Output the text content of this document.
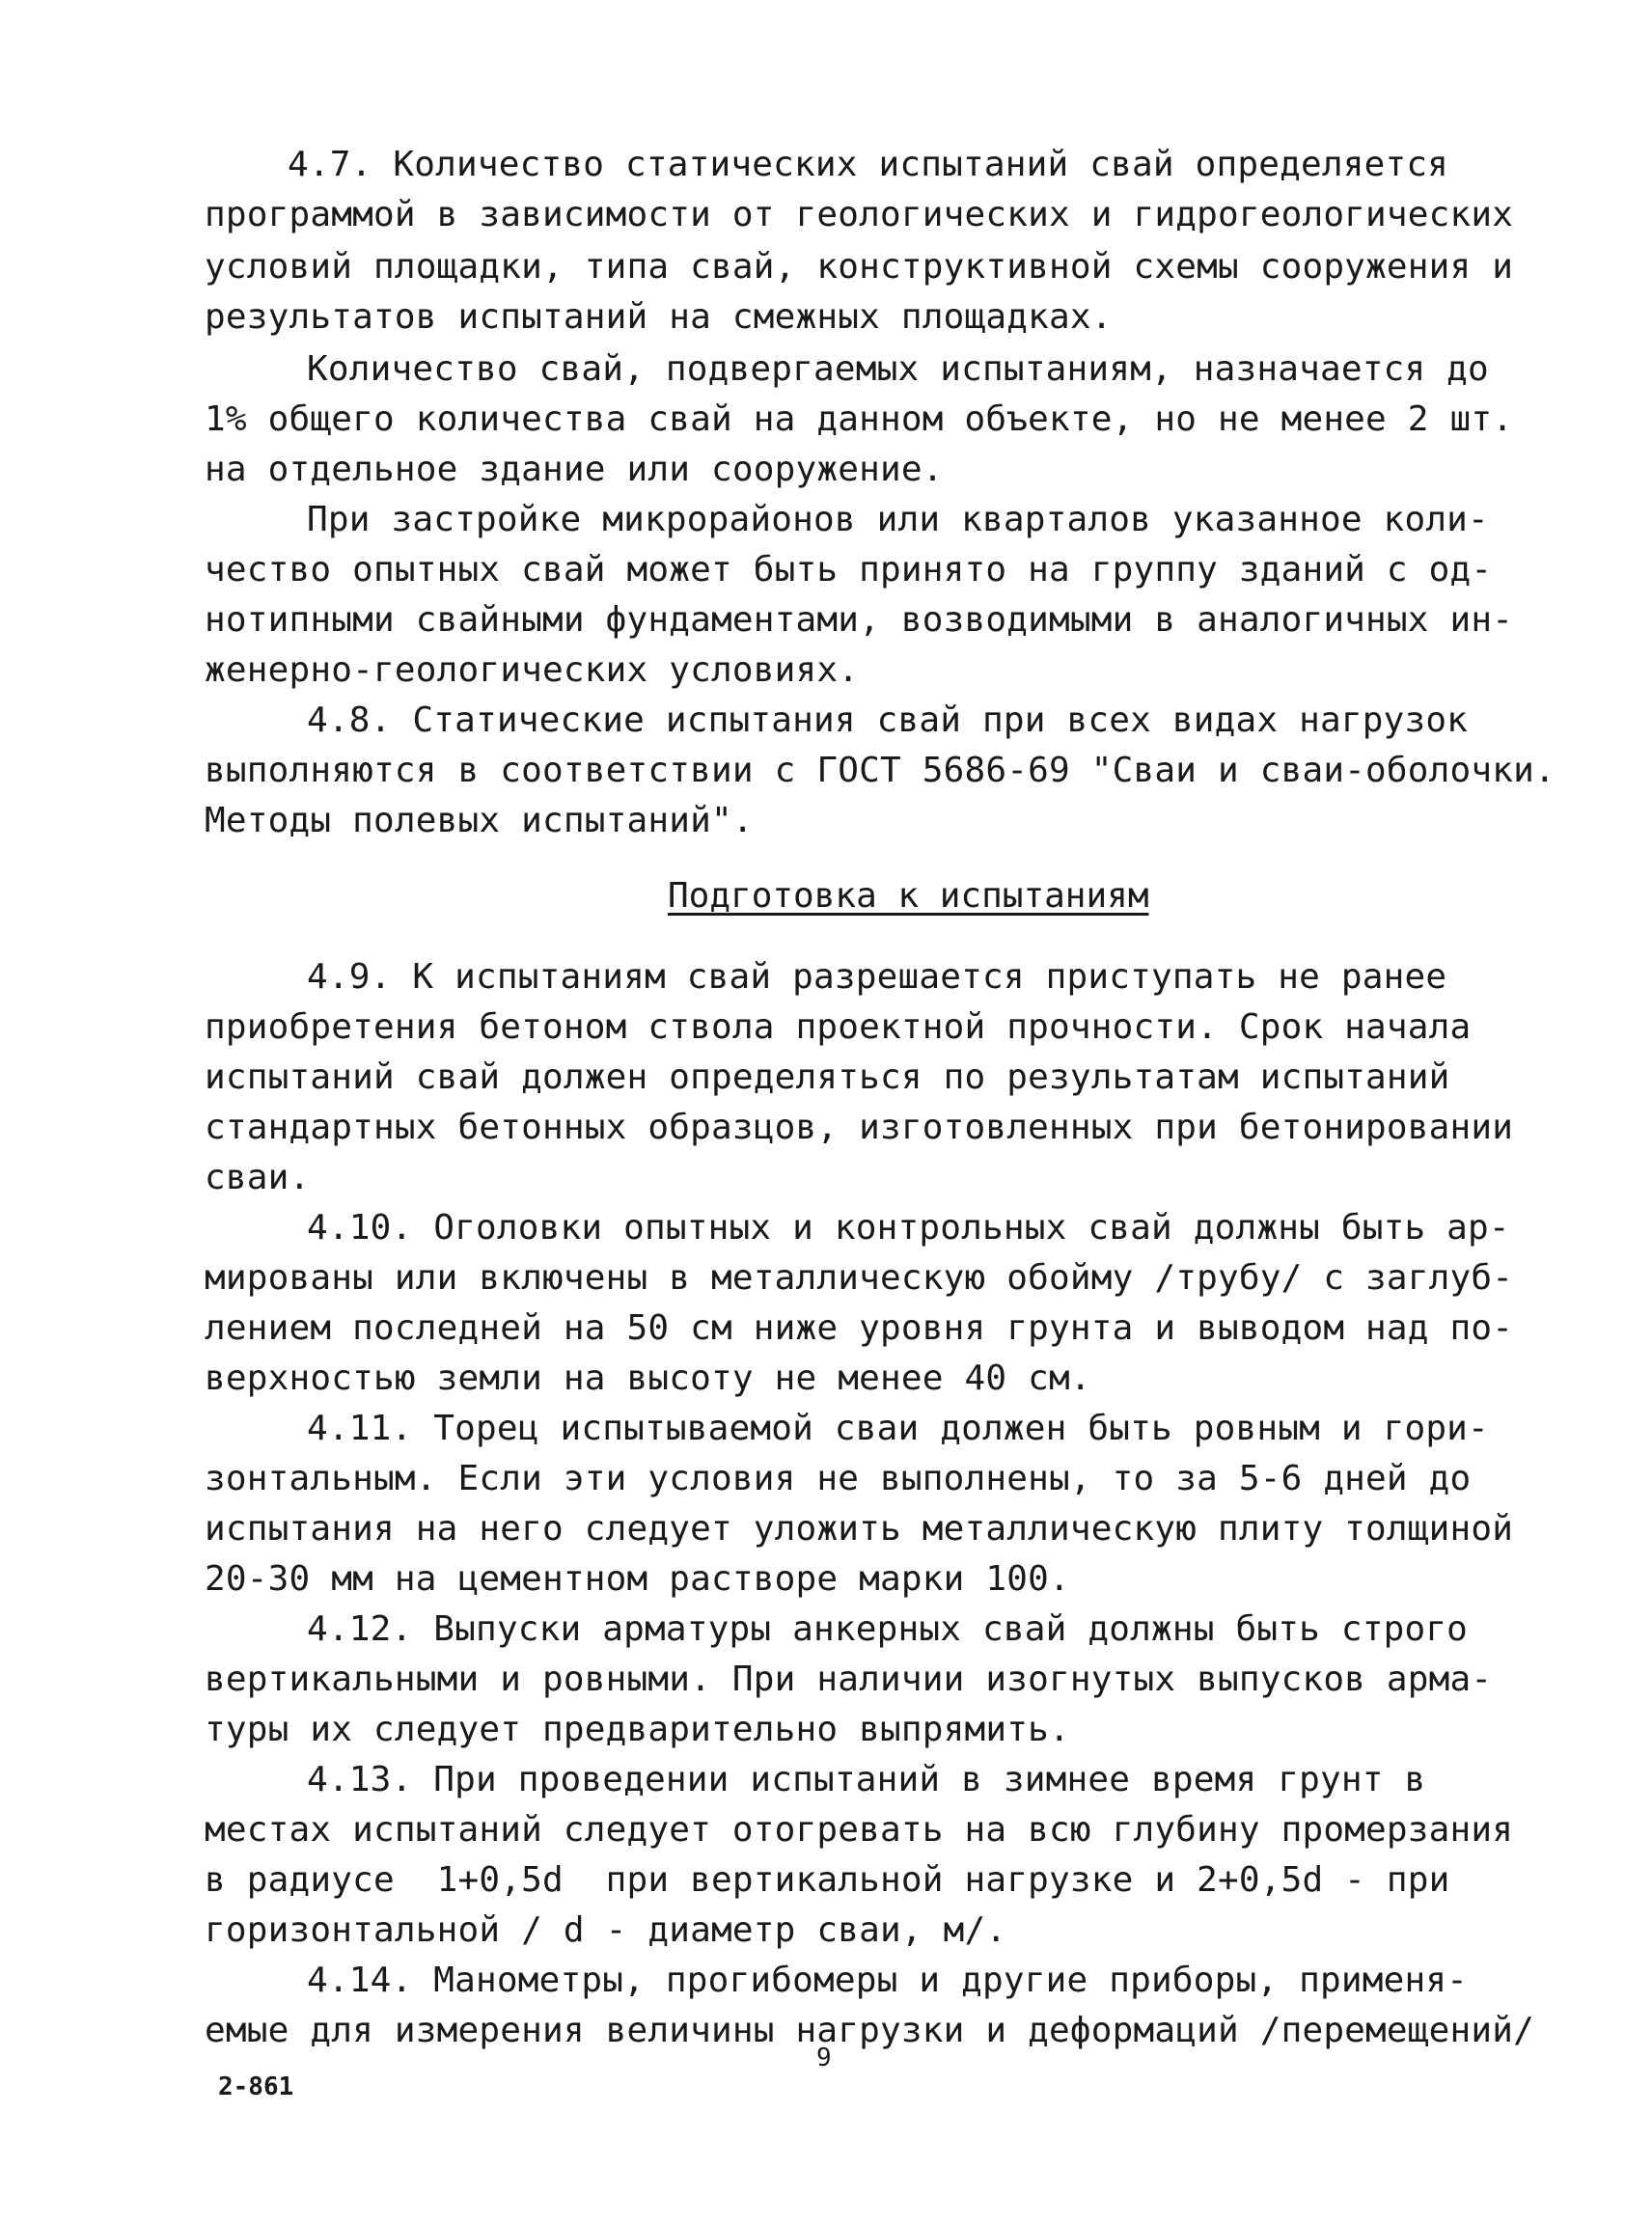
4.7. Количество статических испытаний свай определяется
программой в зависимости от геологических и гидрогеологических
условий площадки, типа свай, конструктивной схемы сооружения и
результатов испытаний на смежных площадках.
Количество свай, подвергаемых испытаниям, назначается до
1% общего количества свай на данном объекте, но не менее 2 шт.
на отдельное здание или сооружение.
При застройке микрорайонов или кварталов указанное коли-
чество опытных свай может быть принято на группу зданий с од-
нотипными свайными фундаментами, возводимыми в аналогичных ин-
женерно-геологических условиях.
4.8. Статические испытания свай при всех видах нагрузок
выполняются в соответствии с ГОСТ 5686-69 "Сваи и сваи-оболочки.
Методы полевых испытаний".
Подготовка к испытаниям
4.9. К испытаниям свай разрешается приступать не ранее
приобретения бетоном ствола проектной прочности. Срок начала
испытаний свай должен определяться по результатам испытаний
стандартных бетонных образцов, изготовленных при бетонировании
сваи.
4.10. Оголовки опытных и контрольных свай должны быть ар-
мированы или включены в металлическую обойму /трубу/ с заглуб-
лением последней на 50 см ниже уровня грунта и выводом над по-
верхностью земли на высоту не менее 40 см.
4.11. Торец испытываемой сваи должен быть ровным и гори-
зонтальным. Если эти условия не выполнены, то за 5-6 дней до
испытания на него следует уложить металлическую плиту толщиной
20-30 мм на цементном растворе марки 100.
4.12. Выпуски арматуры анкерных свай должны быть строго
вертикальными и ровными. При наличии изогнутых выпусков арма-
туры их следует предварительно выпрямить.
4.13. При проведении испытаний в зимнее время грунт в
местах испытаний следует отогревать на всю глубину промерзания
в радиусе  1+0,5d  при вертикальной нагрузке и 2+0,5d - при
горизонтальной / d - диаметр сваи, м/.
4.14. Манометры, прогибомеры и другие приборы, применя-
емые для измерения величины нагрузки и деформаций /перемещений/
9
2-861
